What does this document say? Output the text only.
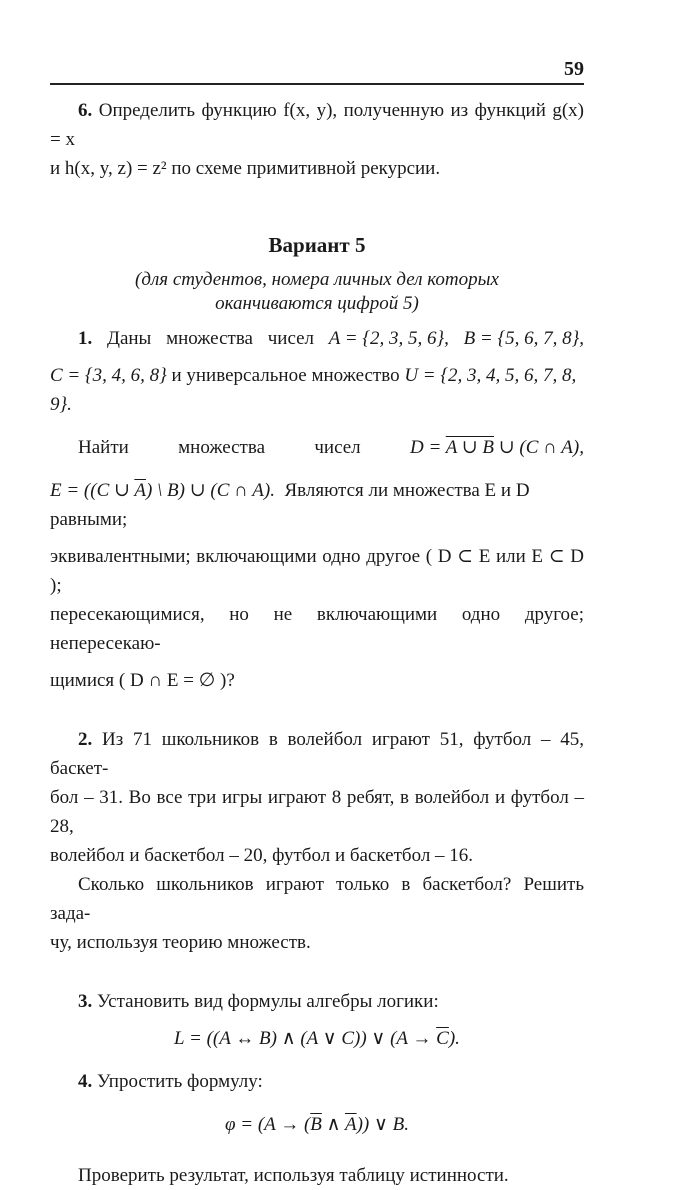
59

6. Определить функцию f(x, y), полученную из функций g(x) = x

и h(x, y, z) = z² по схеме примитивной рекурсии.

Вариант 5
(для студентов, номера личных дел которых
оканчиваются цифрой 5)
1. Даны множества чисел A = {2, 3, 5, 6}, B = {5, 6, 7, 8},

C = {3, 4, 6, 8} и универсальное множество U = {2, 3, 4, 5, 6, 7, 8, 9}.

Найти	множества	чисел	D = A ∪ B ∪ (C ∩ A),

E = ((C ∪ $\overline{A}$) \ B) ∪ (C ∩ A). Являются ли множества E и D равными;

эквивалентными; включающими одно другое ( D ⊂ E или E ⊂ D );

пересекающимися, но не включающими одно другое; непересекаю-

щимися ( D ∩ E = ∅ )?

2. Из 71 школьников в волейбол играют 51, футбол – 45, баскет-

бол – 31. Во все три игры играют 8 ребят, в волейбол и футбол – 28,

волейбол и баскетбол – 20, футбол и баскетбол – 16.

Сколько школьников играют только в баскетбол? Решить зада-

чу, используя теорию множеств.

3. Установить вид формулы алгебры логики:

L = ((A ↔ B) ∧ (A ∨ C)) ∨ $(A \to \overline{C})$.

4. Упростить формулу:

$\varphi = (A \to (\overline{B}$ ∧ $\overline{A}$)) ∨ B.

Проверить результат, используя таблицу истинности.
